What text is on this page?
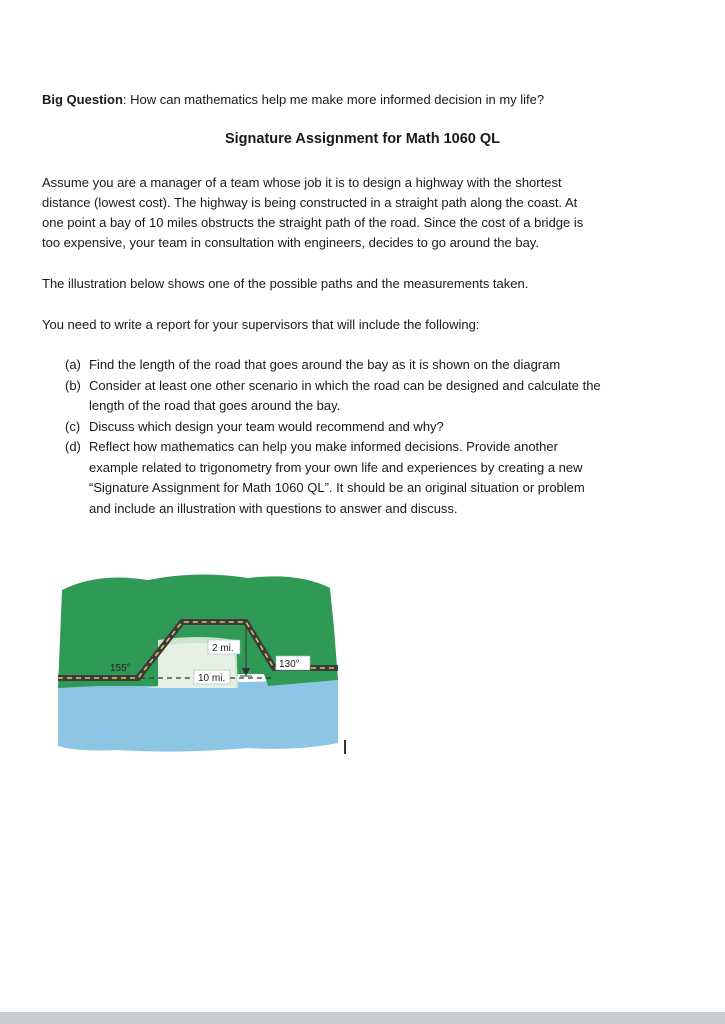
Big Question: How can mathematics help me make more informed decision in my life?
Signature Assignment for Math 1060 QL
Assume you are a manager of a team whose job it is to design a highway with the shortest
distance (lowest cost). The highway is being constructed in a straight path along the coast. At
one point a bay of 10 miles obstructs the straight path of the road. Since the cost of a bridge is
too expensive, your team in consultation with engineers, decides to go around the bay.
The illustration below shows one of the possible paths and the measurements taken.
You need to write a report for your supervisors that will include the following:
(a) Find the length of the road that goes around the bay as it is shown on the diagram
(b) Consider at least one other scenario in which the road can be designed and calculate the
length of the road that goes around the bay.
(c) Discuss which design your team would recommend and why?
(d) Reflect how mathematics can help you make informed decisions. Provide another
example related to trigonometry from your own life and experiences by creating a new
“Signature Assignment for Math 1060 QL”. It should be an original situation or problem
and include an illustration with questions to answer and discuss.
2 mi.
10 mi.
155°	130°
